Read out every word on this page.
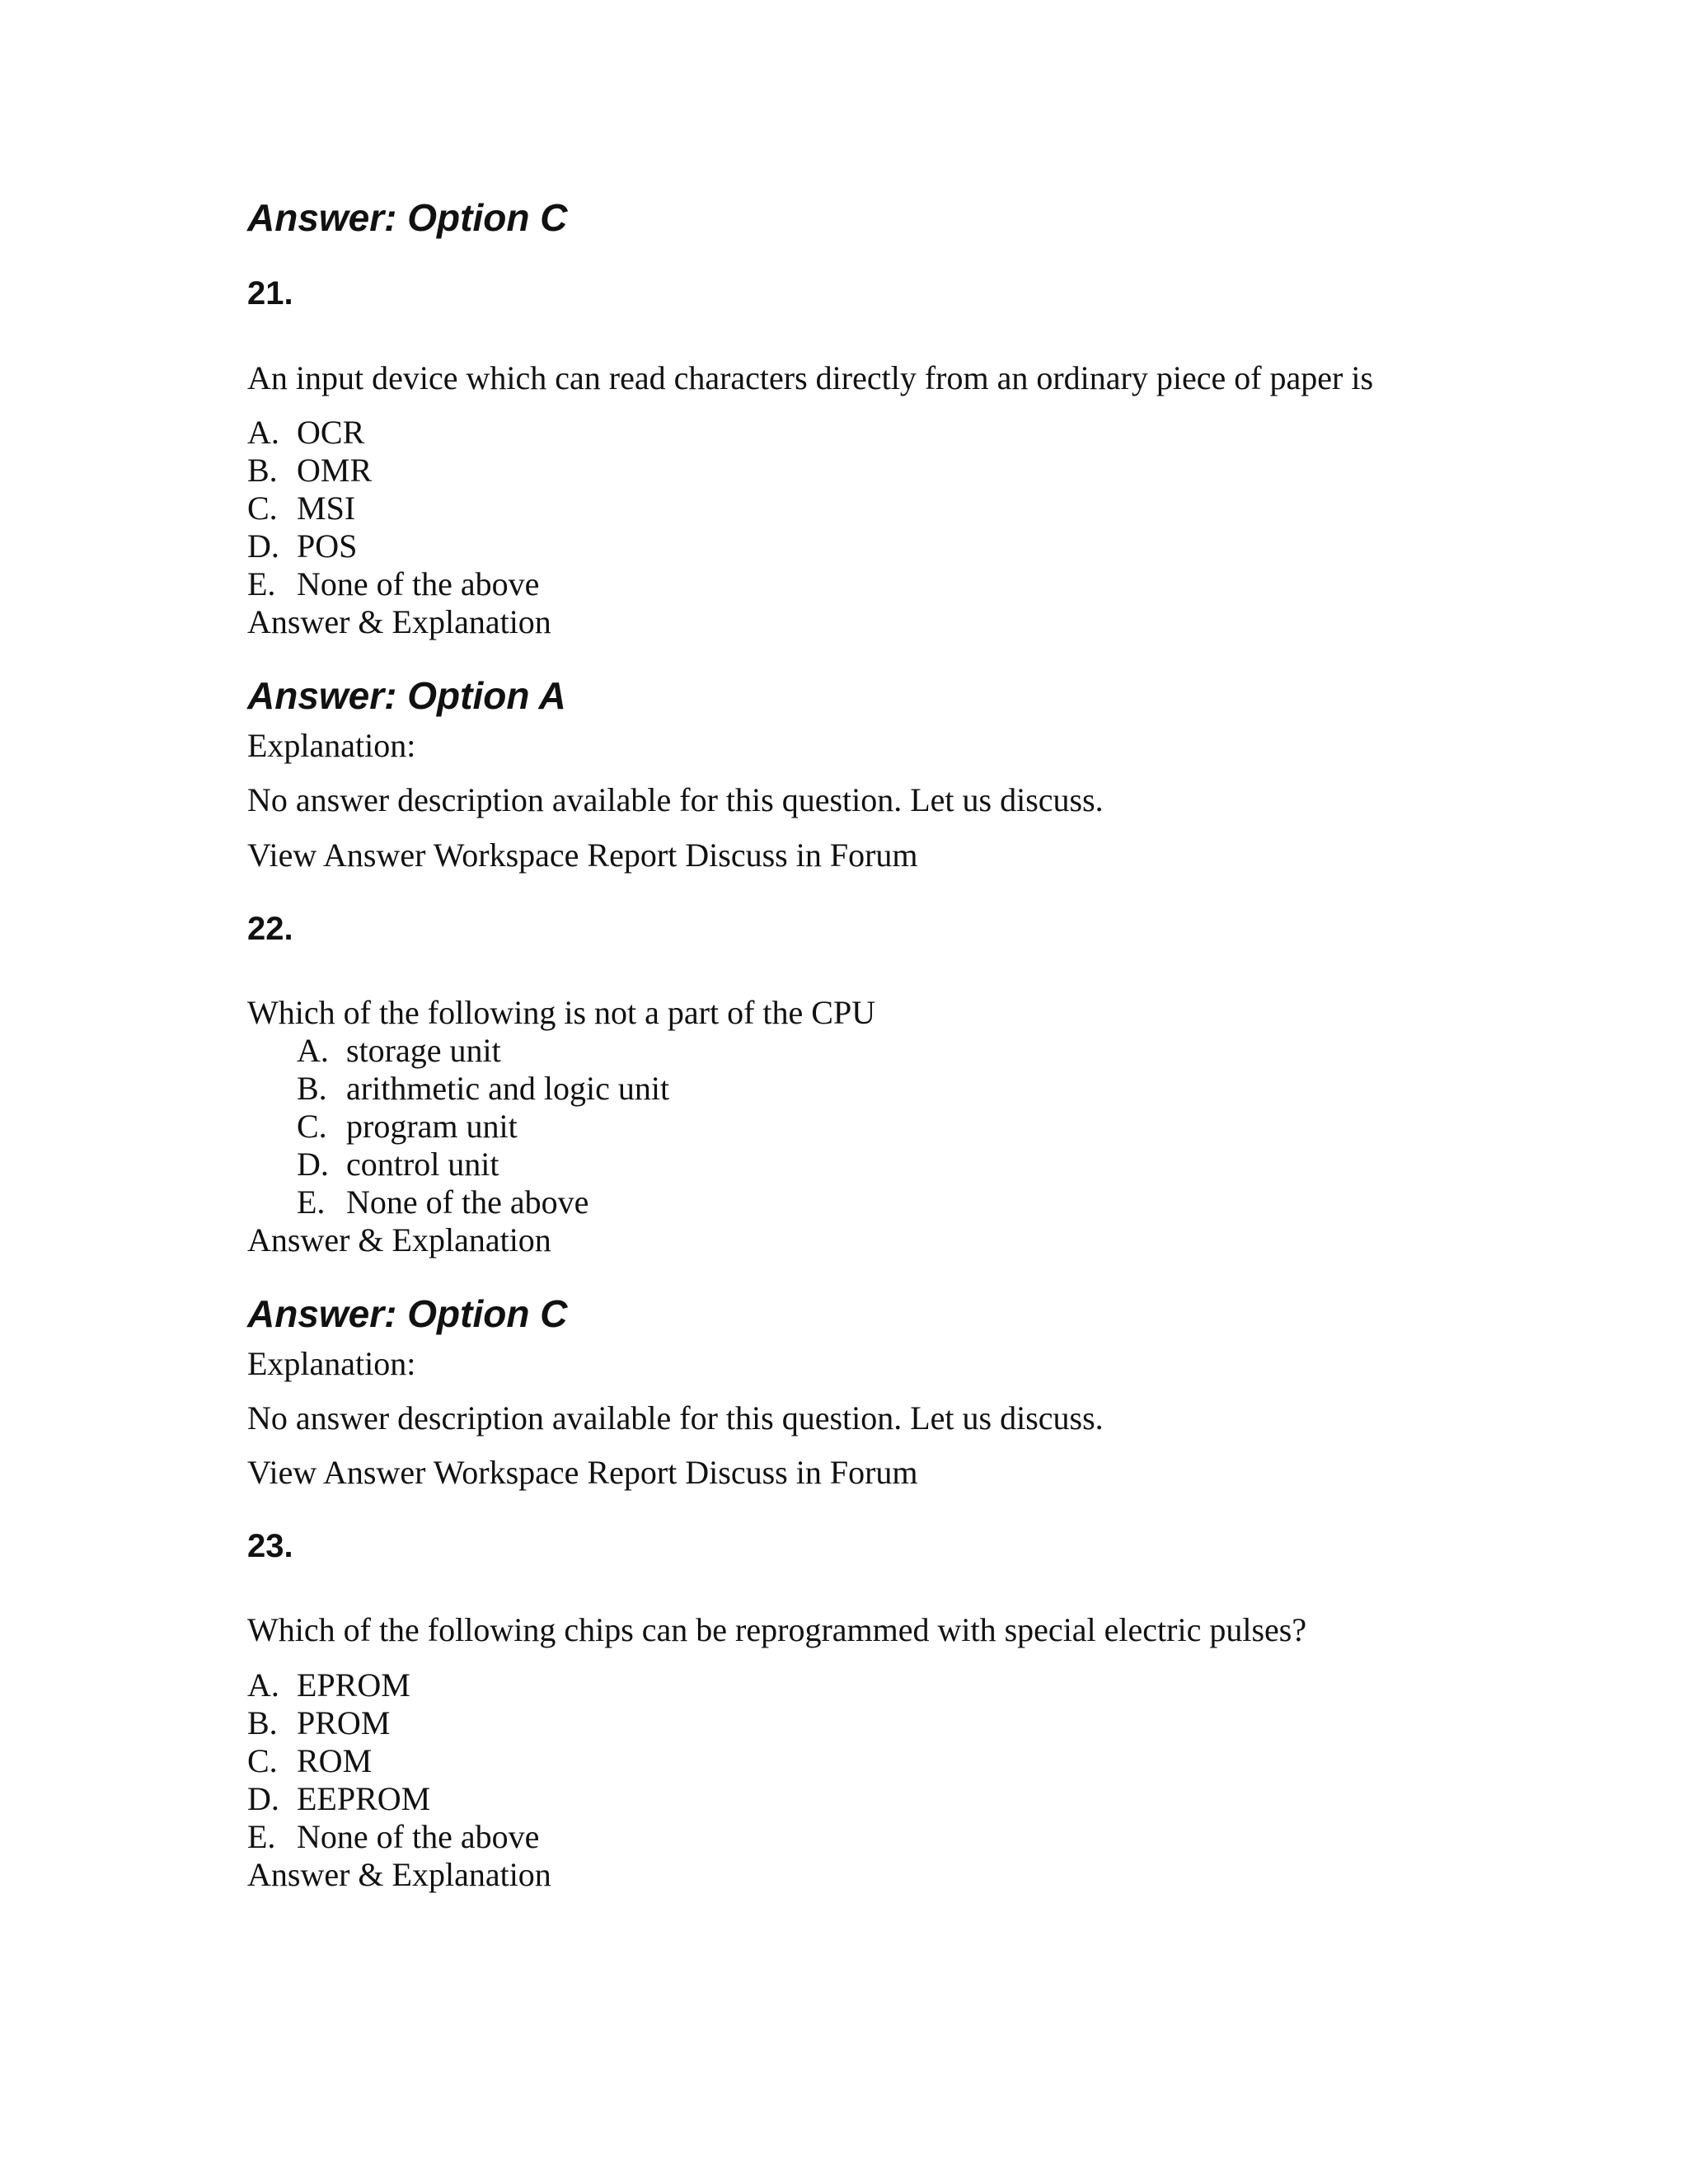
Answer: Option C
21.
An input device which can read characters directly from an ordinary piece of paper is
A. OCR
B. OMR
C. MSI
D. POS
E. None of the above
Answer & Explanation
Answer: Option A
Explanation:
No answer description available for this question. Let us discuss.
View Answer Workspace Report Discuss in Forum
22.
Which of the following is not a part of the CPU
A. storage unit
B. arithmetic and logic unit
C. program unit
D. control unit
E. None of the above
Answer & Explanation
Answer: Option C
Explanation:
No answer description available for this question. Let us discuss.
View Answer Workspace Report Discuss in Forum
23.
Which of the following chips can be reprogrammed with special electric pulses?
A. EPROM
B. PROM
C. ROM
D. EEPROM
E. None of the above
Answer & Explanation
